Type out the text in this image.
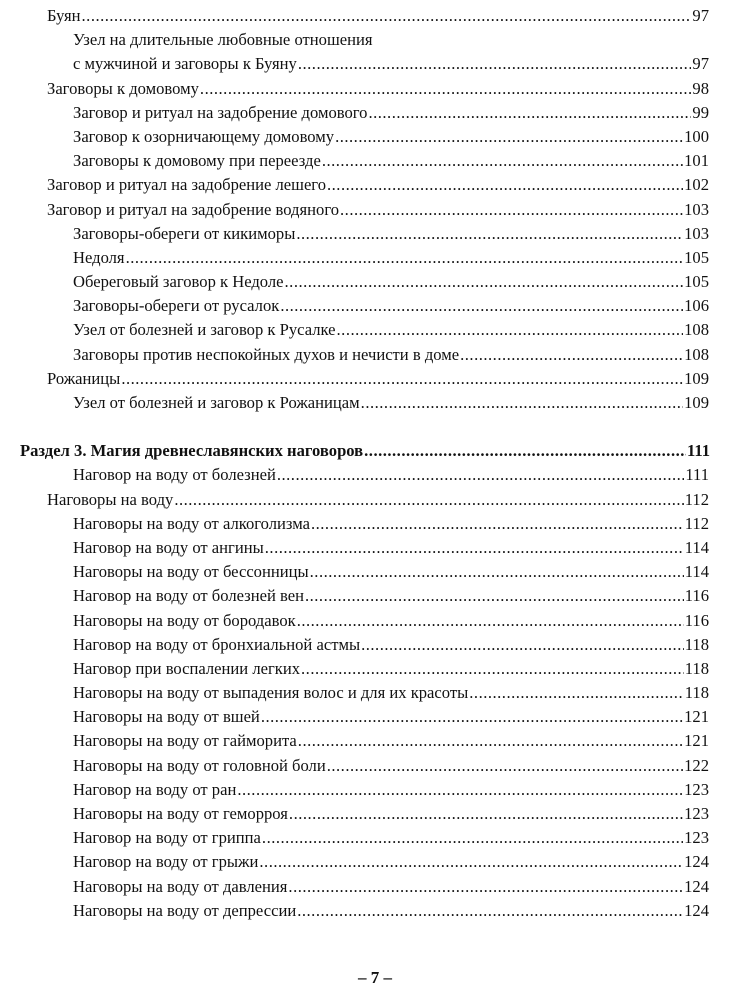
Буян .....	97
Узел на длительные любовные отношения
с мужчиной и заговоры к Буяну .....	97
Заговоры к домовому .....	98
Заговор и ритуал на задобрение домового .....	99
Заговор к озорничающему домовому .....	100
Заговоры к домовому при переезде .....	101
Заговор и ритуал на задобрение лешего .....	102
Заговор и ритуал на задобрение водяного .....	103
Заговоры-обереги от кикиморы .....	103
Недоля .....	105
Обереговый заговор к Недоле .....	105
Заговоры-обереги от русалок .....	106
Узел от болезней и заговор к Русалке .....	108
Заговоры против неспокойных духов и нечисти в доме .....	108
Рожаницы .....	109
Узел от болезней и заговор к Рожаницам .....	109
Раздел 3. Магия древнеславянских наговоров .....	111
Наговор на воду от болезней .....	111
Наговоры на воду .....	112
Наговоры на воду от алкоголизма .....	112
Наговор на воду от ангины .....	114
Наговоры на воду от бессонницы .....	114
Наговор на воду от болезней вен .....	116
Наговоры на воду от бородавок .....	116
Наговор на воду от бронхиальной астмы .....	118
Наговор при воспалении легких .....	118
Наговоры на воду от выпадения волос и для их красоты .....	118
Наговоры на воду от вшей .....	121
Наговоры на воду от гайморита .....	121
Наговоры на воду от головной боли .....	122
Наговор на воду от ран .....	123
Наговоры на воду от геморроя .....	123
Наговор на воду от гриппа .....	123
Наговор на воду от грыжи .....	124
Наговоры на воду от давления .....	124
Наговоры на воду от депрессии .....	124
– 7 –
